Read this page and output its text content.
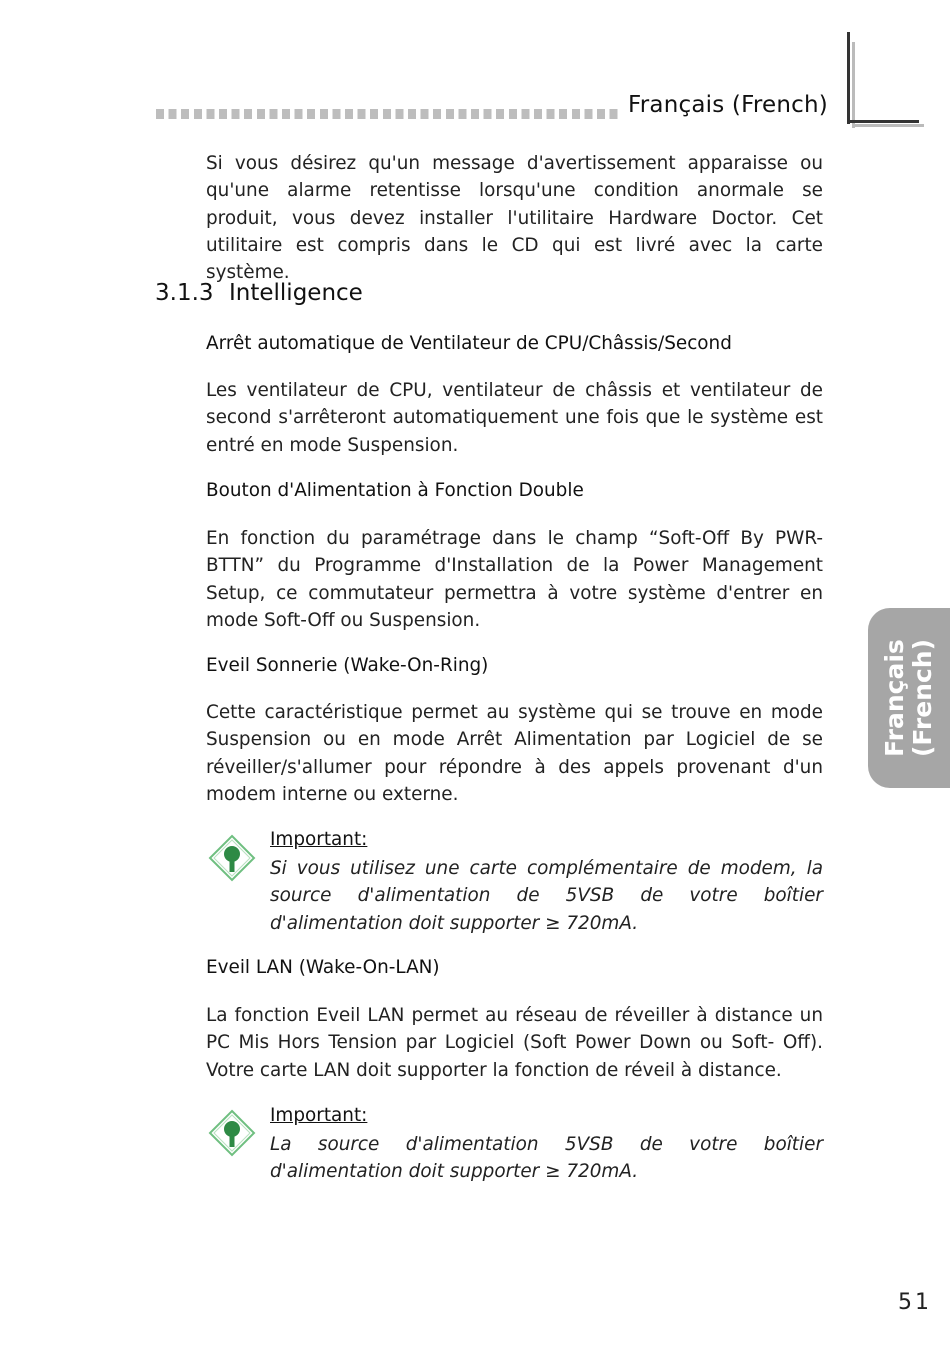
Français (French)
Si vous désirez qu'un message d'avertissement apparaisse ou qu'une alarme retentisse lorsqu'une condition anormale se produit, vous devez installer l'utilitaire Hardware Doctor. Cet utilitaire est compris dans le CD qui est livré avec la carte système.
3.1.3 Intelligence
Arrêt automatique de Ventilateur de CPU/Châssis/Second
Les ventilateur de CPU, ventilateur de châssis et ventilateur de second s'arrêteront automatiquement une fois que le système est entré en mode Suspension.
Bouton d'Alimentation à Fonction Double
En fonction du paramétrage dans le champ “Soft-Off By PWR-BTTN” du Programme d'Installation de la Power Management Setup, ce commutateur permettra à votre système d'entrer en mode Soft-Off ou Suspension.
Eveil Sonnerie (Wake-On-Ring)
Cette caractéristique permet au système qui se trouve en mode Suspension ou en mode Arrêt Alimentation par Logiciel de se réveiller/s'allumer pour répondre à des appels provenant d'un modem interne ou externe.
Important:
Si vous utilisez une carte complémentaire de modem, la source d'alimentation de 5VSB de votre boîtier d'alimentation doit supporter ≥ 720mA.
Eveil LAN (Wake-On-LAN)
La fonction Eveil LAN permet au réseau de réveiller à distance un PC Mis Hors Tension par Logiciel (Soft Power Down ou Soft- Off). Votre carte LAN doit supporter la fonction de réveil à distance.
Important:
La source d'alimentation 5VSB de votre boîtier d'alimentation doit supporter ≥ 720mA.
Français (French)
51
